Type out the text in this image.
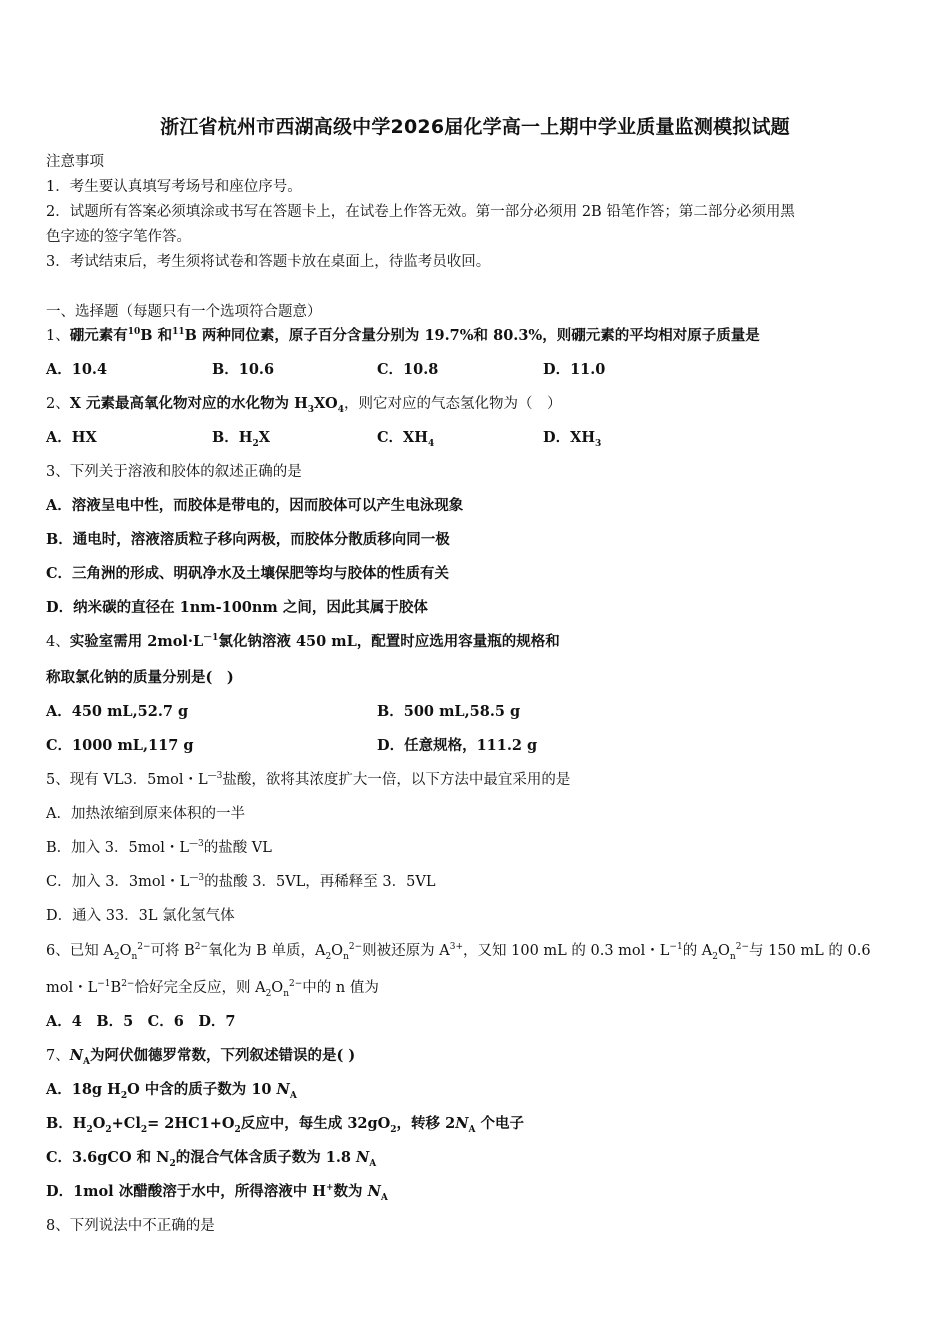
浙江省杭州市西湖高级中学2026届化学高一上期中学业质量监测模拟试题
注意事项
1．考生要认真填写考场号和座位序号。
2．试题所有答案必须填涂或书写在答题卡上，在试卷上作答无效。第一部分必须用 2B 铅笔作答；第二部分必须用黑
色字迹的签字笔作答。
3．考试结束后，考生须将试卷和答题卡放在桌面上，待监考员收回。
一、选择题（每题只有一个选项符合题意）
1、硼元素有$^{10}$B 和$^{11}$B 两种同位素，原子百分含量分别为 19.7%和 80.3%，则硼元素的平均相对原子质量是
A．10.4	B．10.6	C．10.8	D．11.0
2、X 元素最高氧化物对应的水化物为 $H_3XO_4$，则它对应的气态氢化物为（　）
A．HX	B．$H_2X$	C．$XH_4$	D．$XH_3$
3、下列关于溶液和胶体的叙述正确的是
A．溶液呈电中性，而胶体是带电的，因而胶体可以产生电泳现象
B．通电时，溶液溶质粒子移向两极，而胶体分散质移向同一极
C．三角洲的形成、明矾净水及土壤保肥等均与胶体的性质有关
D．纳米碳的直径在 1nm-100nm 之间，因此其属于胶体
4、实验室需用 $2mol\cdot L^{-1}$氯化钠溶液 450 mL，配置时应选用容量瓶的规格和
称取氯化钠的质量分别是(　)
A．450 mL,52.7 g	B．500 mL,58.5 g
C．1000 mL,117 g	D．任意规格，111.2 g
5、现有 VL3．5mol・$L^{—3}$盐酸，欲将其浓度扩大一倍，以下方法中最宜采用的是
A．加热浓缩到原来体积的一半
B．加入 3．5mol・$L^{—3}$的盐酸 VL
C．加入 3．3mol・$L^{—3}$的盐酸 3．5VL，再稀释至 3．5VL
D．通入 33．3L 氯化氢气体
6、已知 $A_2O_n^{2-}$可将 $B^{2-}$氧化为 B 单质，$A_2O_n^{2-}$则被还原为 $A^{3+}$，又知 100 mL 的 0.3 mol・$L^{-1}$的 $A_2O_n^{2-}$与 150 mL 的 0.6
mol・$L^{-1}B^{2-}$恰好完全反应，则 $A_2O_n^{2-}$中的 n 值为
A．4　B．5　C．6　D．7
7、$N_A$为阿伏伽德罗常数，下列叙述错误的是( )
A．18g $H_2O$ 中含的质子数为 10 $N_A$
B．$H_2O_2+Cl_2= 2HC1+O_2$反应中，每生成 $32gO_2$，转移 $2N_A$ 个电子
C．3.6gCO 和 $N_2$的混合气体含质子数为 1.8 $N_A$
D．1mol 冰醋酸溶于水中，所得溶液中 H+数为 $N_A$
8、下列说法中不正确的是
